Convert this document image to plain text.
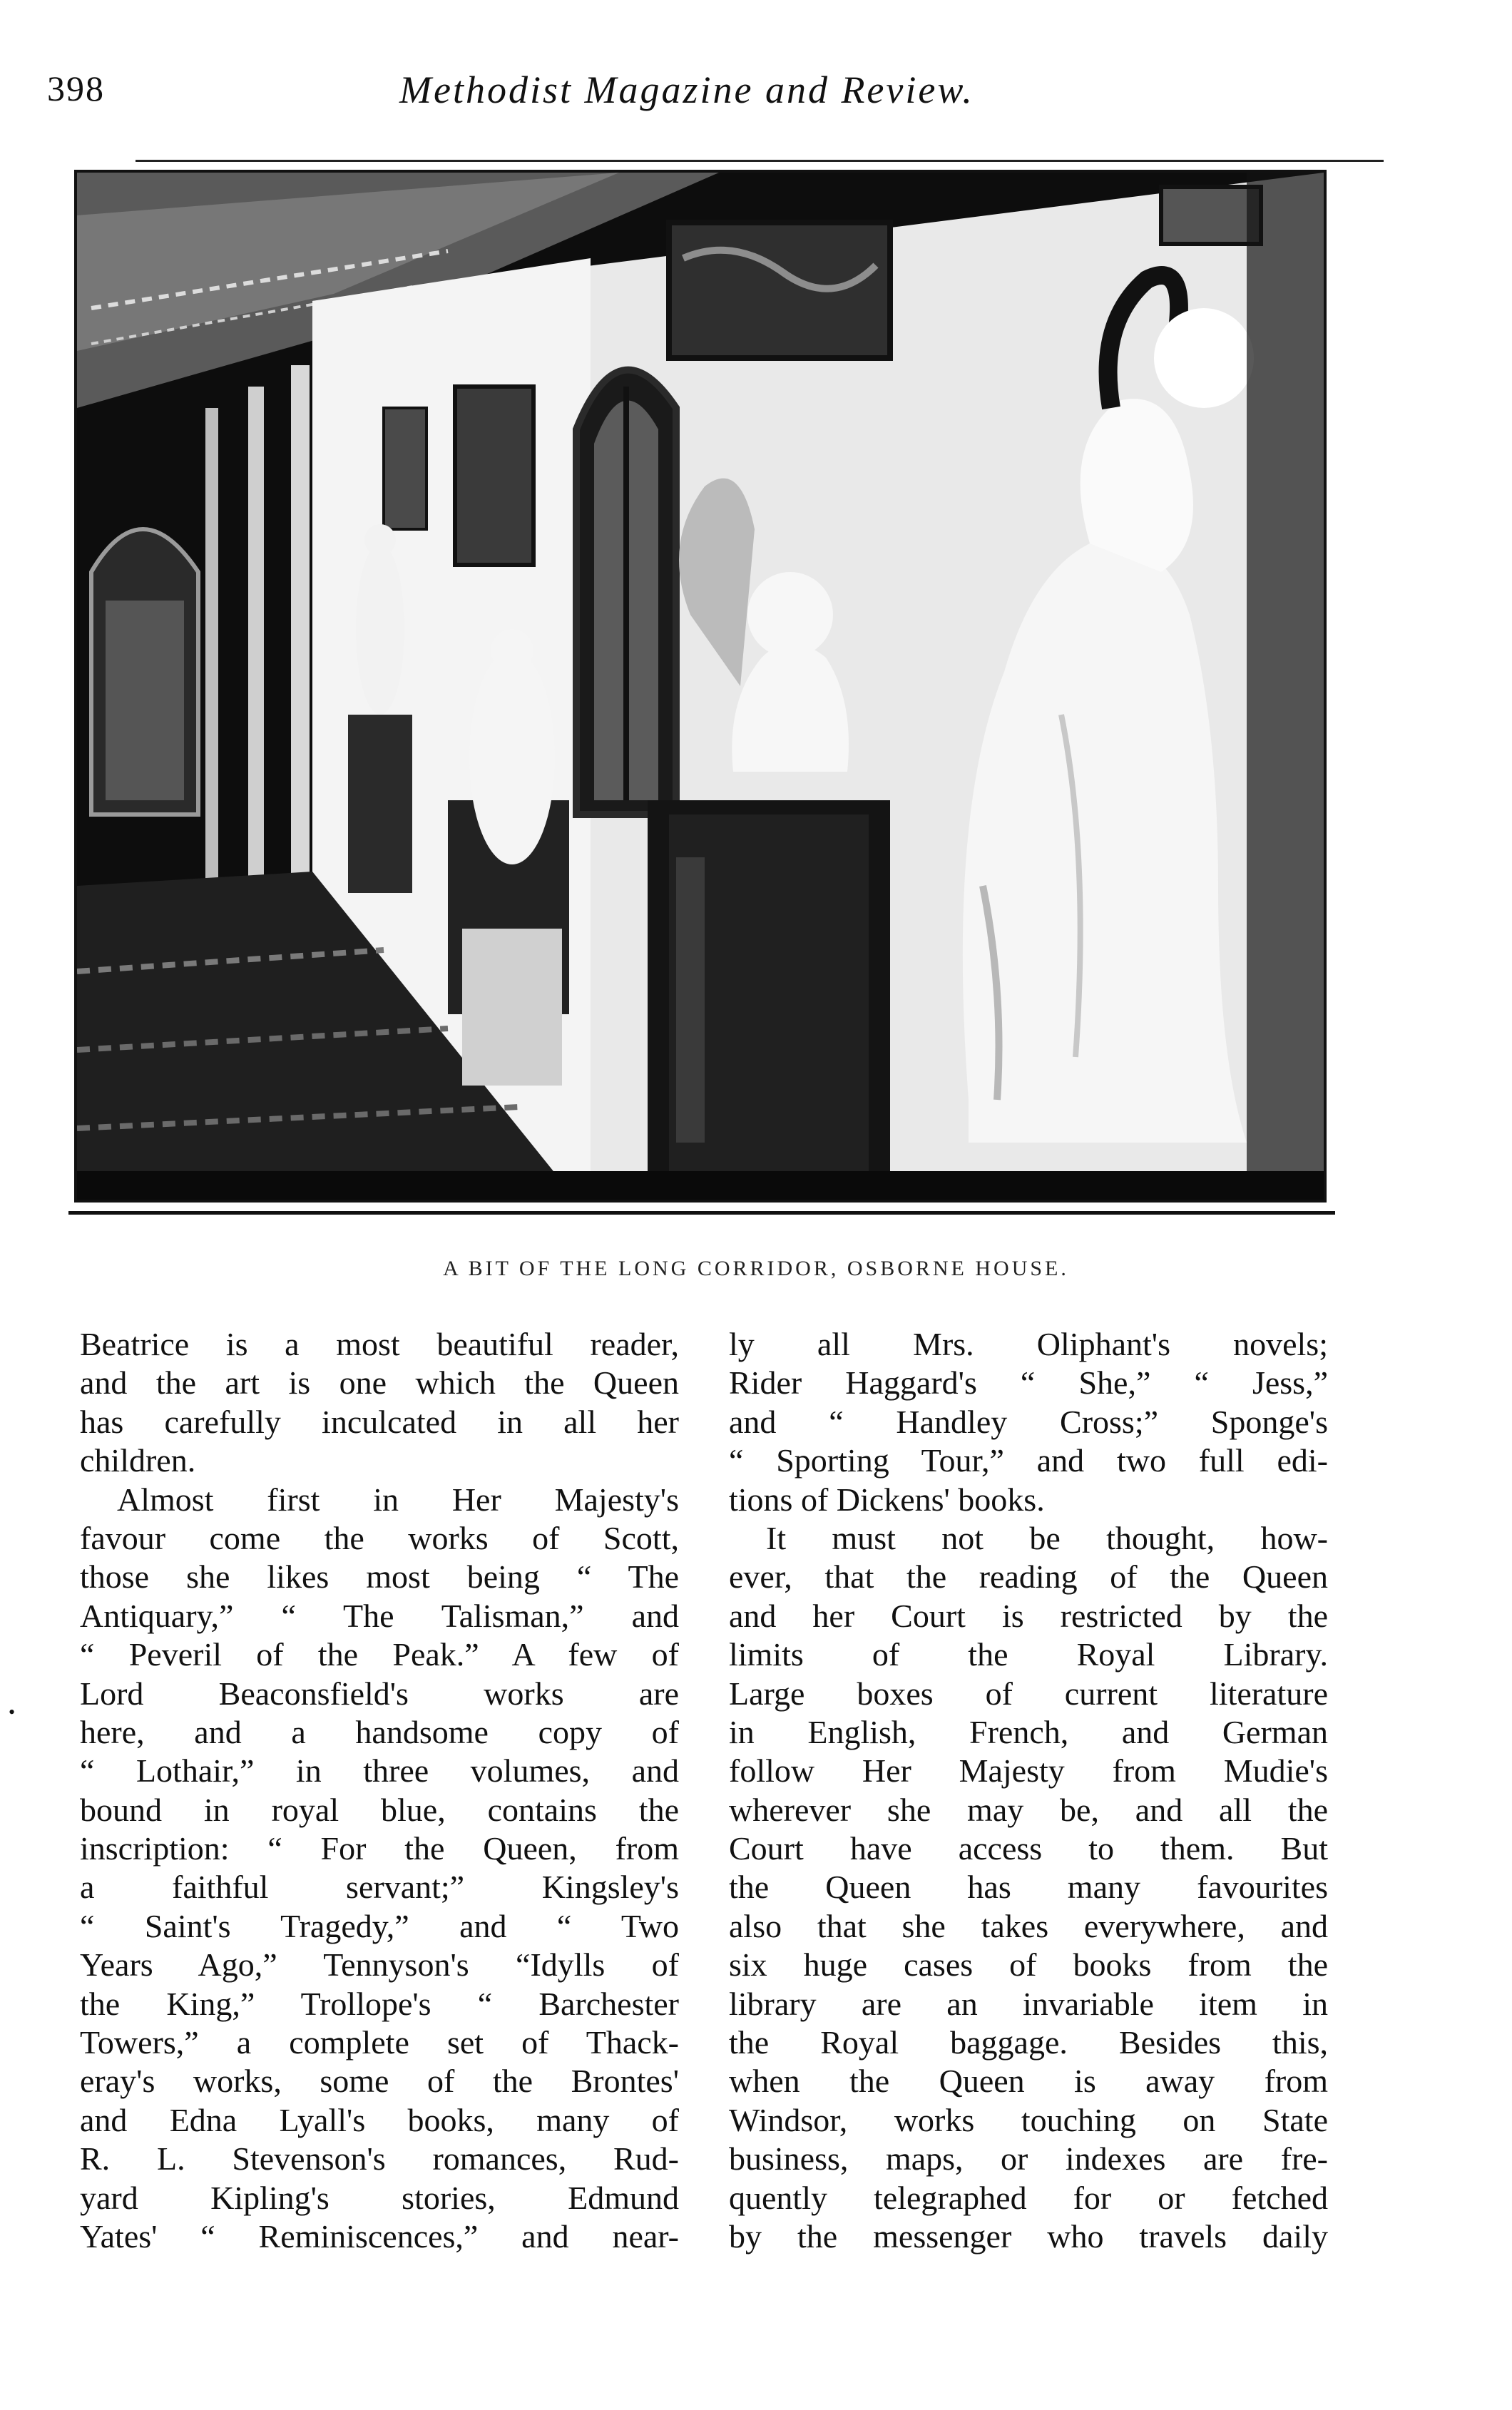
398	Methodist Magazine and Review.
A BIT OF THE LONG CORRIDOR, OSBORNE HOUSE.
•

Beatrice is a most beautiful reader,
and the art is one which the Queen
has carefully inculcated in all her
children.

Almost first in Her Majesty's
favour come the works of Scott,
those she likes most being “ The
Antiquary,” “ The Talisman,” and
“ Peveril of the Peak.” A few of
Lord Beaconsfield's works are
here, and a handsome copy of
“ Lothair,” in three volumes, and
bound in royal blue, contains the
inscription: “ For the Queen, from
a faithful servant;” Kingsley's
“ Saint's Tragedy,” and “ Two
Years Ago,” Tennyson's “Idylls of
the King,” Trollope's “ Barchester
Towers,” a complete set of Thack-
eray's works, some of the Brontes'
and Edna Lyall's books, many of
R. L. Stevenson's romances, Rud-
yard Kipling's stories, Edmund
Yates' “ Reminiscences,” and near-

ly all Mrs. Oliphant's novels;
Rider Haggard's “ She,” “ Jess,”
and “ Handley Cross;” Sponge's
“ Sporting Tour,” and two full edi-
tions of Dickens' books.

It must not be thought, how-
ever, that the reading of the Queen
and her Court is restricted by the
limits of the Royal Library.
Large boxes of current literature
in English, French, and German
follow Her Majesty from Mudie's
wherever she may be, and all the
Court have access to them. But
the Queen has many favourites
also that she takes everywhere, and
six huge cases of books from the
library are an invariable item in
the Royal baggage. Besides this,
when the Queen is away from
Windsor, works touching on State
business, maps, or indexes are fre-
quently telegraphed for or fetched
by the messenger who travels daily
